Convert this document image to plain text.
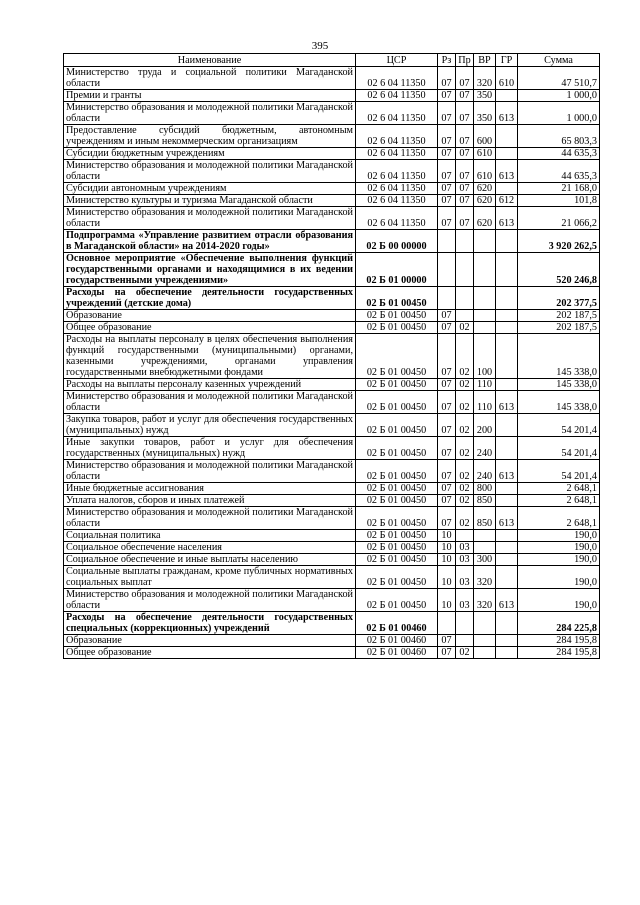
395
Наименование	ЦСР	Рз	Пр	ВР	ГР	Сумма
Министерство труда и социальной политики Магаданской области	02 6 04 11350	07	07	320	610	47 510,7
Премии и гранты	02 6 04 11350	07	07	350		1 000,0
Министерство образования и молодежной политики Магаданской области	02 6 04 11350	07	07	350	613	1 000,0
Предоставление субсидий бюджетным, автономным учреждениям и иным некоммерческим организациям	02 6 04 11350	07	07	600		65 803,3
Субсидии бюджетным учреждениям	02 6 04 11350	07	07	610		44 635,3
Министерство образования и молодежной политики Магаданской области	02 6 04 11350	07	07	610	613	44 635,3
Субсидии автономным учреждениям	02 6 04 11350	07	07	620		21 168,0
Министерство культуры и туризма Магаданской области	02 6 04 11350	07	07	620	612	101,8
Министерство образования и молодежной политики Магаданской области	02 6 04 11350	07	07	620	613	21 066,2
Подпрограмма «Управление развитием отрасли образования в Магаданской области» на 2014-2020 годы»	02 Б 00 00000					3 920 262,5
Основное мероприятие «Обеспечение выполнения функций государственными органами и находящимися в их ведении государственными учреждениями»	02 Б 01 00000					520 246,8
Расходы на обеспечение деятельности государственных учреждений (детские дома)	02 Б 01 00450					202 377,5
Образование	02 Б 01 00450	07				202 187,5
Общее образование	02 Б 01 00450	07	02			202 187,5
Расходы на выплаты персоналу в целях обеспечения выполнения функций государственными (муниципальными) органами, казенными учреждениями, органами управления государственными внебюджетными фондами	02 Б 01 00450	07	02	100		145 338,0
Расходы на выплаты персоналу казенных учреждений	02 Б 01 00450	07	02	110		145 338,0
Министерство образования и молодежной политики Магаданской области	02 Б 01 00450	07	02	110	613	145 338,0
Закупка товаров, работ и услуг для обеспечения государственных (муниципальных) нужд	02 Б 01 00450	07	02	200		54 201,4
Иные закупки товаров, работ и услуг для обеспечения государственных (муниципальных) нужд	02 Б 01 00450	07	02	240		54 201,4
Министерство образования и молодежной политики Магаданской области	02 Б 01 00450	07	02	240	613	54 201,4
Иные бюджетные ассигнования	02 Б 01 00450	07	02	800		2 648,1
Уплата налогов, сборов и иных платежей	02 Б 01 00450	07	02	850		2 648,1
Министерство образования и молодежной политики Магаданской области	02 Б 01 00450	07	02	850	613	2 648,1
Социальная политика	02 Б 01 00450	10				190,0
Социальное обеспечение населения	02 Б 01 00450	10	03			190,0
Социальное обеспечение и иные выплаты населению	02 Б 01 00450	10	03	300		190,0
Социальные выплаты гражданам, кроме публичных нормативных социальных выплат	02 Б 01 00450	10	03	320		190,0
Министерство образования и молодежной политики Магаданской области	02 Б 01 00450	10	03	320	613	190,0
Расходы на обеспечение деятельности государственных специальных (коррекционных) учреждений	02 Б 01 00460					284 225,8
Образование	02 Б 01 00460	07				284 195,8
Общее образование	02 Б 01 00460	07	02			284 195,8
